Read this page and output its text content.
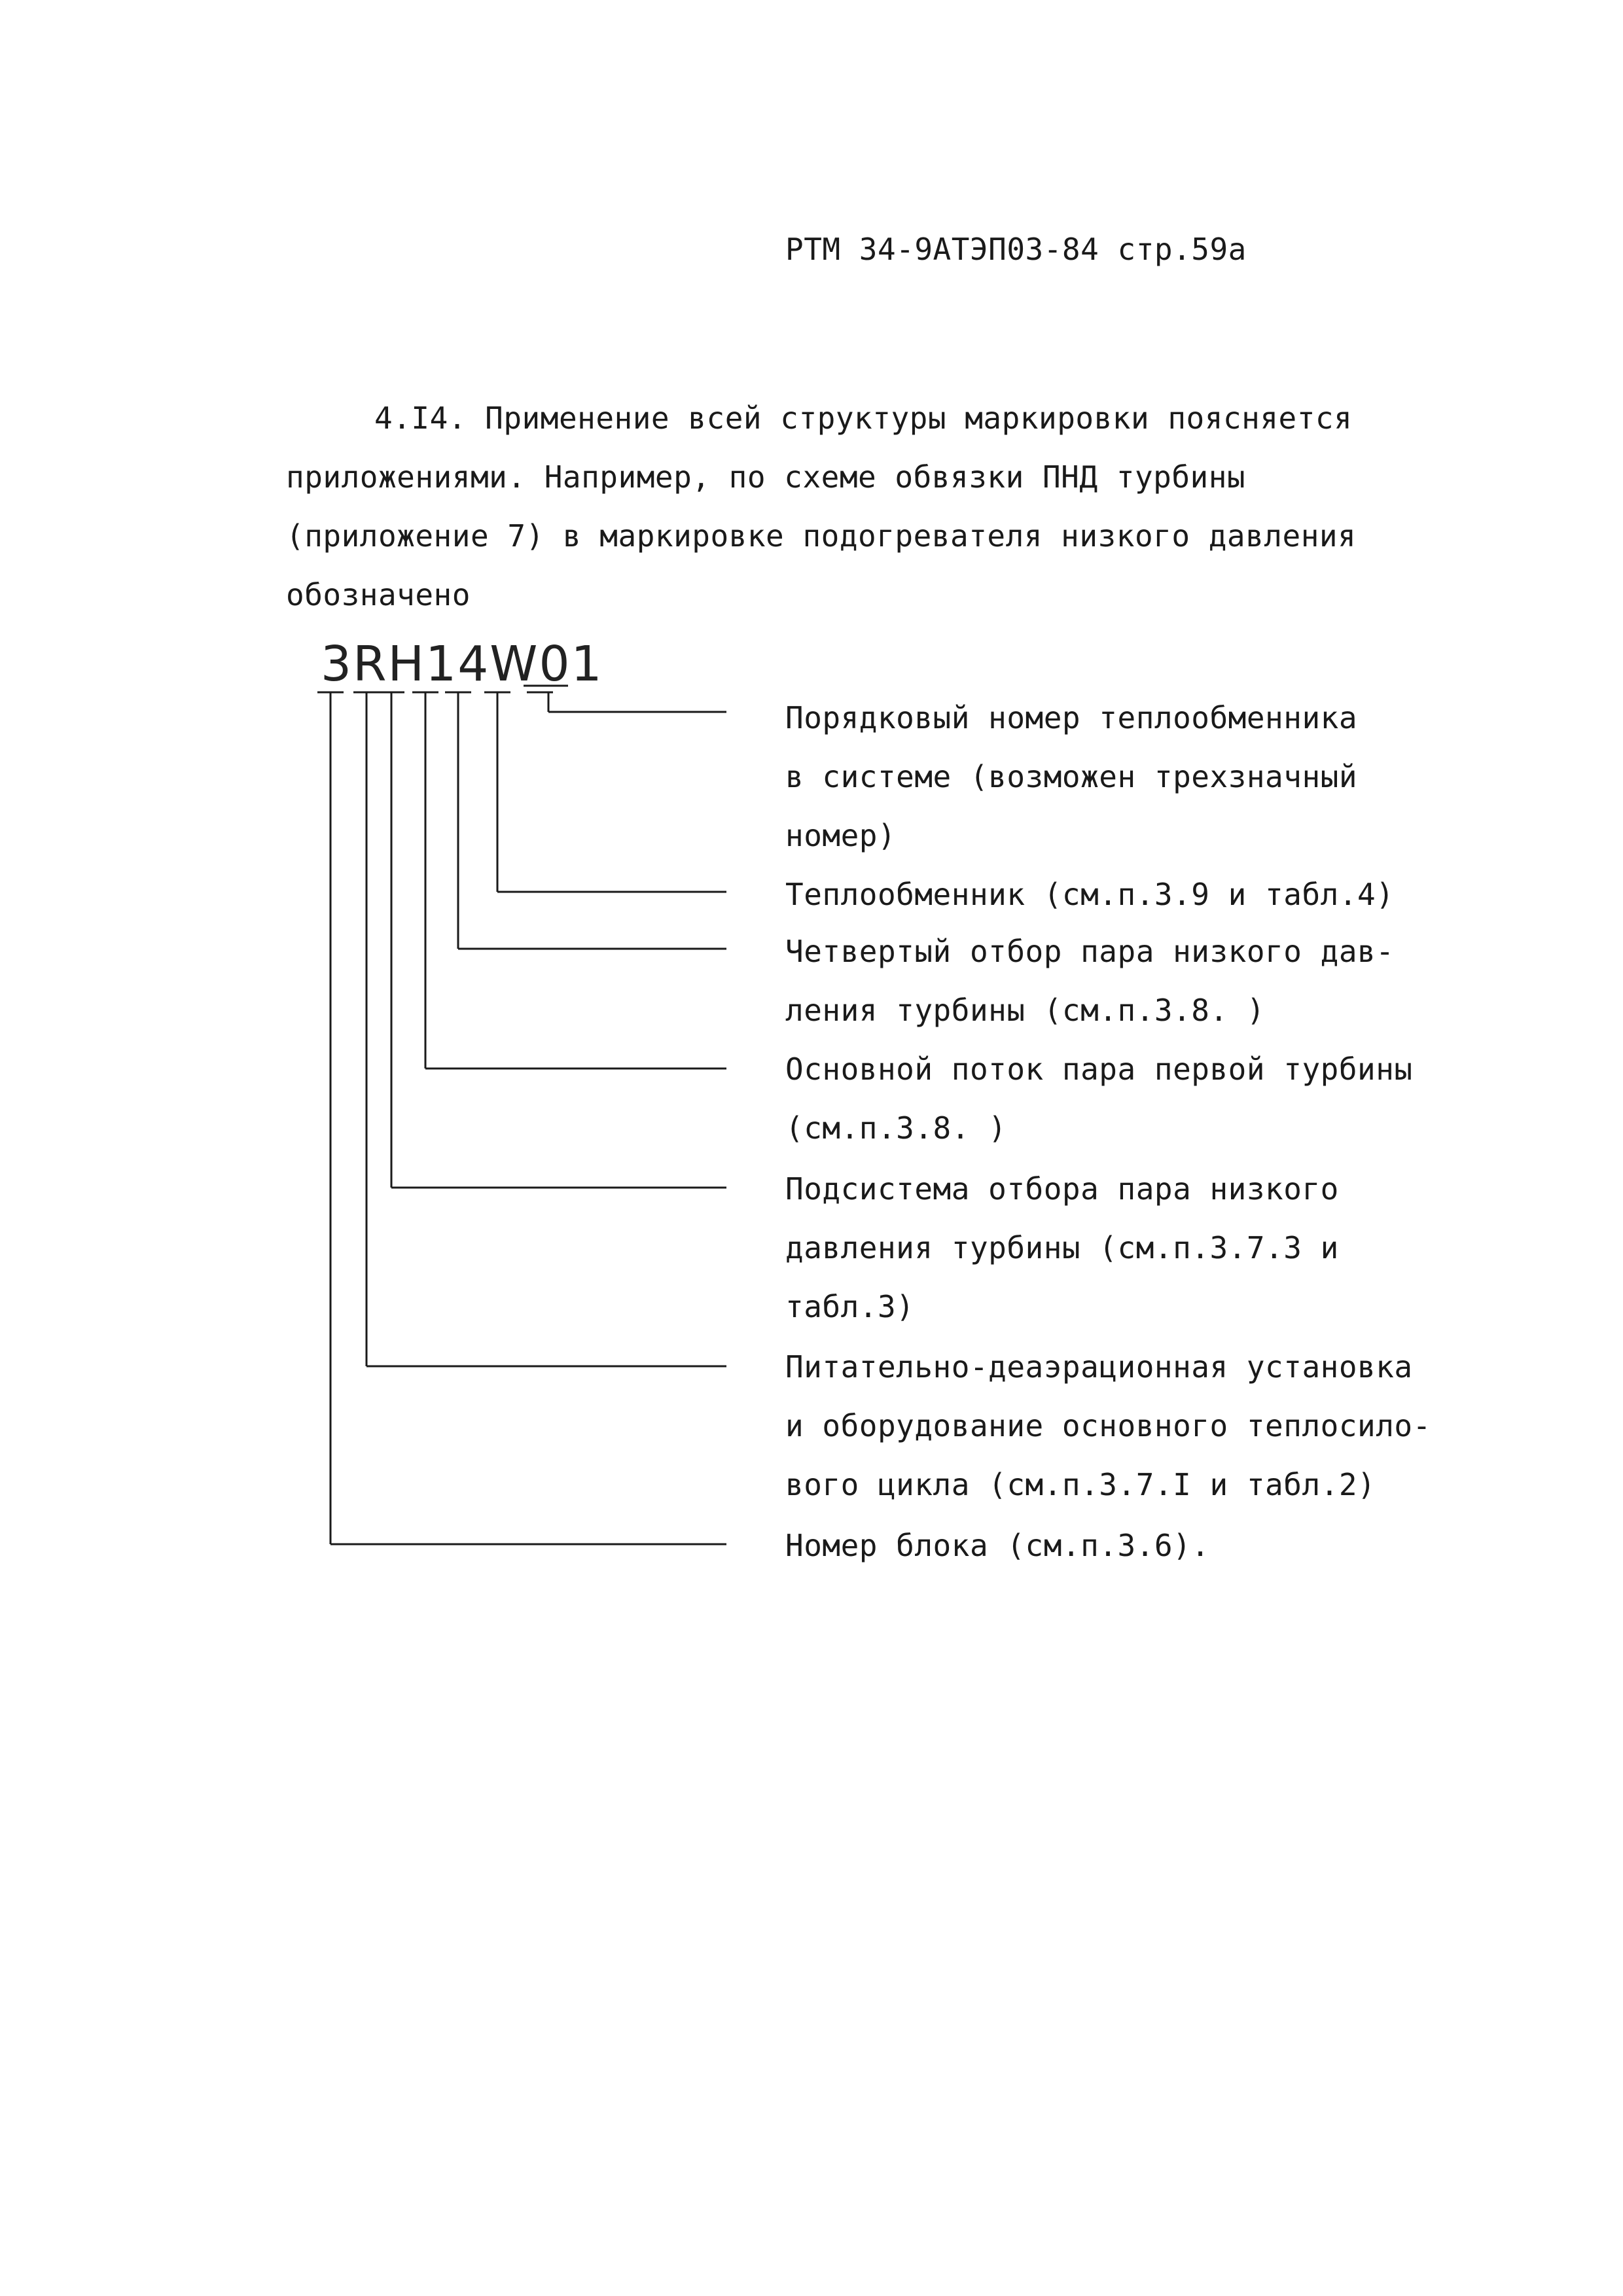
РТМ 34-9АТЭП03-84 стр.59а
4.I4. Применение всей структуры маркировки поясняется
приложениями. Например, по схеме обвязки ПНД турбины
(приложение 7) в маркировке подогревателя низкого давления
обозначено
3RH14W01
Порядковый номер теплообменника
в системе (возможен трехзначный
номер)
Теплообменник (см.п.3.9 и табл.4)
Четвертый отбор пара низкого дав-
ления турбины (см.п.3.8. )
Основной поток пара первой турбины
(см.п.3.8. )
Подсистема отбора пара низкого
давления турбины (см.п.3.7.3 и
табл.3)
Питательно-деаэрационная установка
и оборудование основного теплосило-
вого цикла (см.п.3.7.I и табл.2)
Номер блока (см.п.3.6).
